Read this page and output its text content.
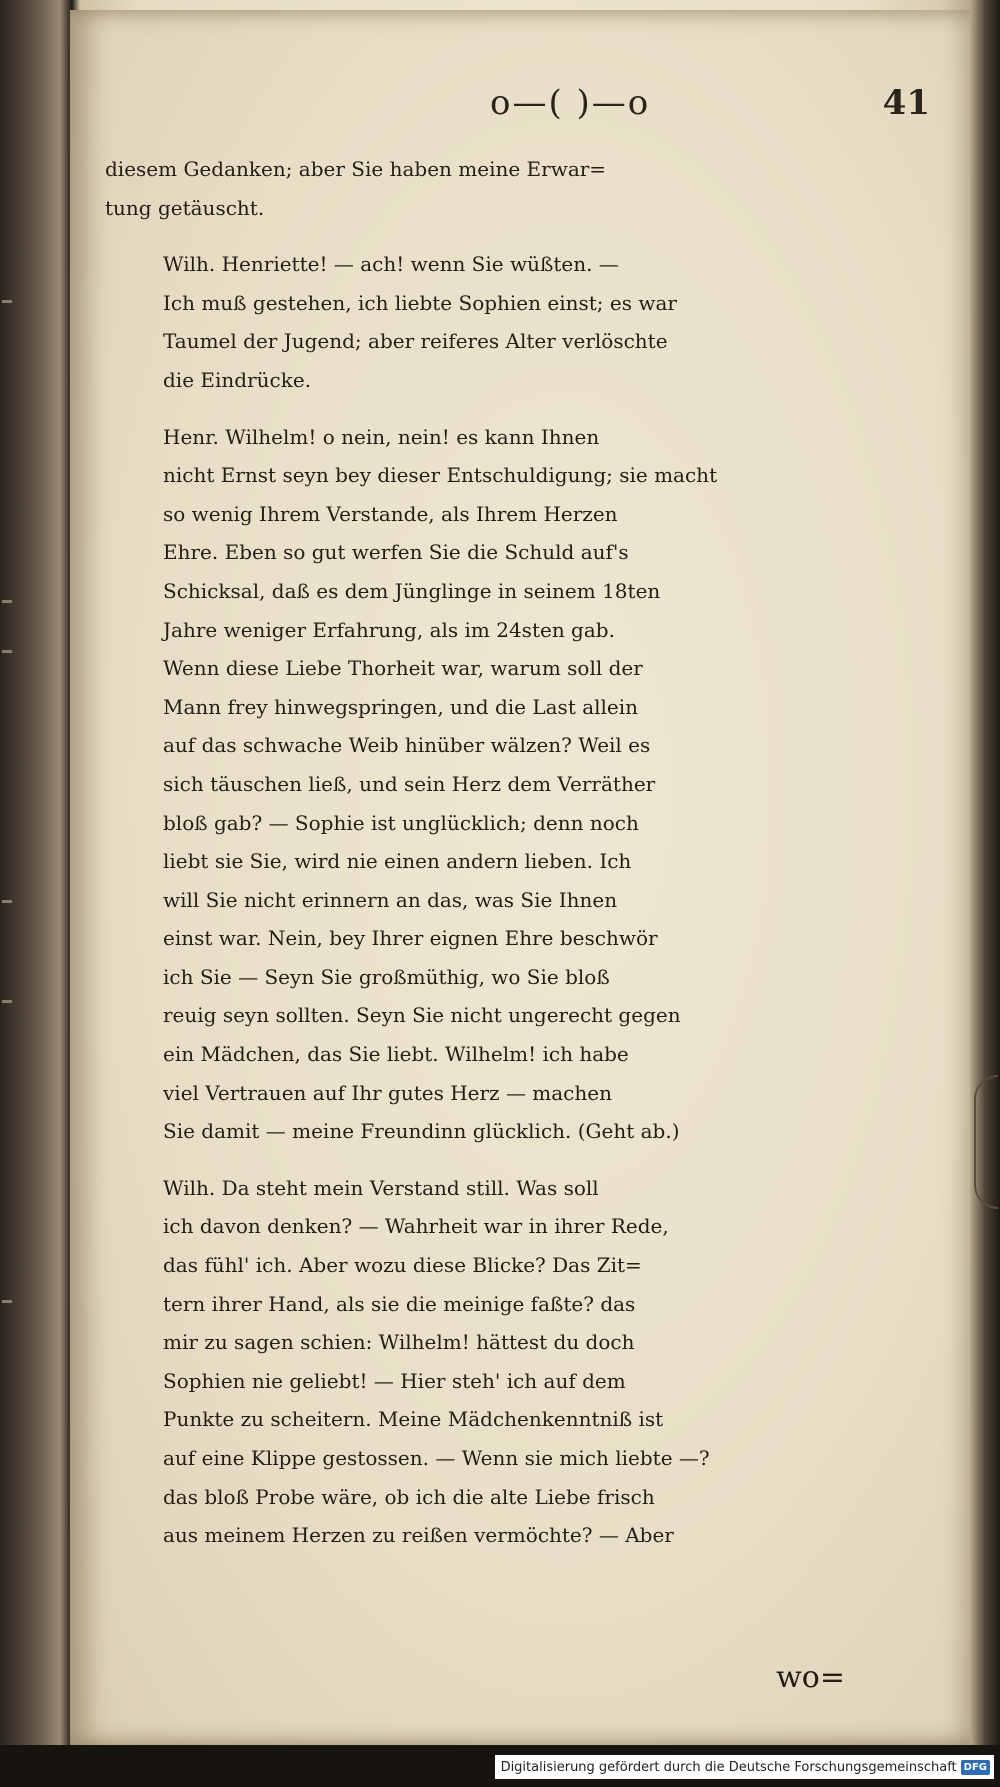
o—( )—o	41
wo=
diesem Gedanken; aber Sie haben meine Erwar=
tung getäuscht.
Wilh. Henriette! — ach! wenn Sie wüßten. —
Ich muß gestehen, ich liebte Sophien einst; es war
Taumel der Jugend; aber reiferes Alter verlöschte
die Eindrücke.
Henr. Wilhelm! o nein, nein! es kann Ihnen
nicht Ernst seyn bey dieser Entschuldigung; sie macht
so wenig Ihrem Verstande, als Ihrem Herzen
Ehre. Eben so gut werfen Sie die Schuld auf's
Schicksal, daß es dem Jünglinge in seinem 18ten
Jahre weniger Erfahrung, als im 24sten gab.
Wenn diese Liebe Thorheit war, warum soll der
Mann frey hinwegspringen, und die Last allein
auf das schwache Weib hinüber wälzen? Weil es
sich täuschen ließ, und sein Herz dem Verräther
bloß gab? — Sophie ist unglücklich; denn noch
liebt sie Sie, wird nie einen andern lieben. Ich
will Sie nicht erinnern an das, was Sie Ihnen
einst war. Nein, bey Ihrer eignen Ehre beschwör
ich Sie — Seyn Sie großmüthig, wo Sie bloß
reuig seyn sollten. Seyn Sie nicht ungerecht gegen
ein Mädchen, das Sie liebt. Wilhelm! ich habe
viel Vertrauen auf Ihr gutes Herz — machen
Sie damit — meine Freundinn glücklich. (Geht ab.)
Wilh. Da steht mein Verstand still. Was soll
ich davon denken? — Wahrheit war in ihrer Rede,
das fühl' ich. Aber wozu diese Blicke? Das Zit=
tern ihrer Hand, als sie die meinige faßte? das
mir zu sagen schien: Wilhelm! hättest du doch
Sophien nie geliebt! — Hier steh' ich auf dem
Punkte zu scheitern. Meine Mädchenkenntniß ist
auf eine Klippe gestossen. — Wenn sie mich liebte —?
das bloß Probe wäre, ob ich die alte Liebe frisch
aus meinem Herzen zu reißen vermöchte? — Aber
Digitalisierung gefördert durch die Deutsche Forschungsgemeinschaft DFG
